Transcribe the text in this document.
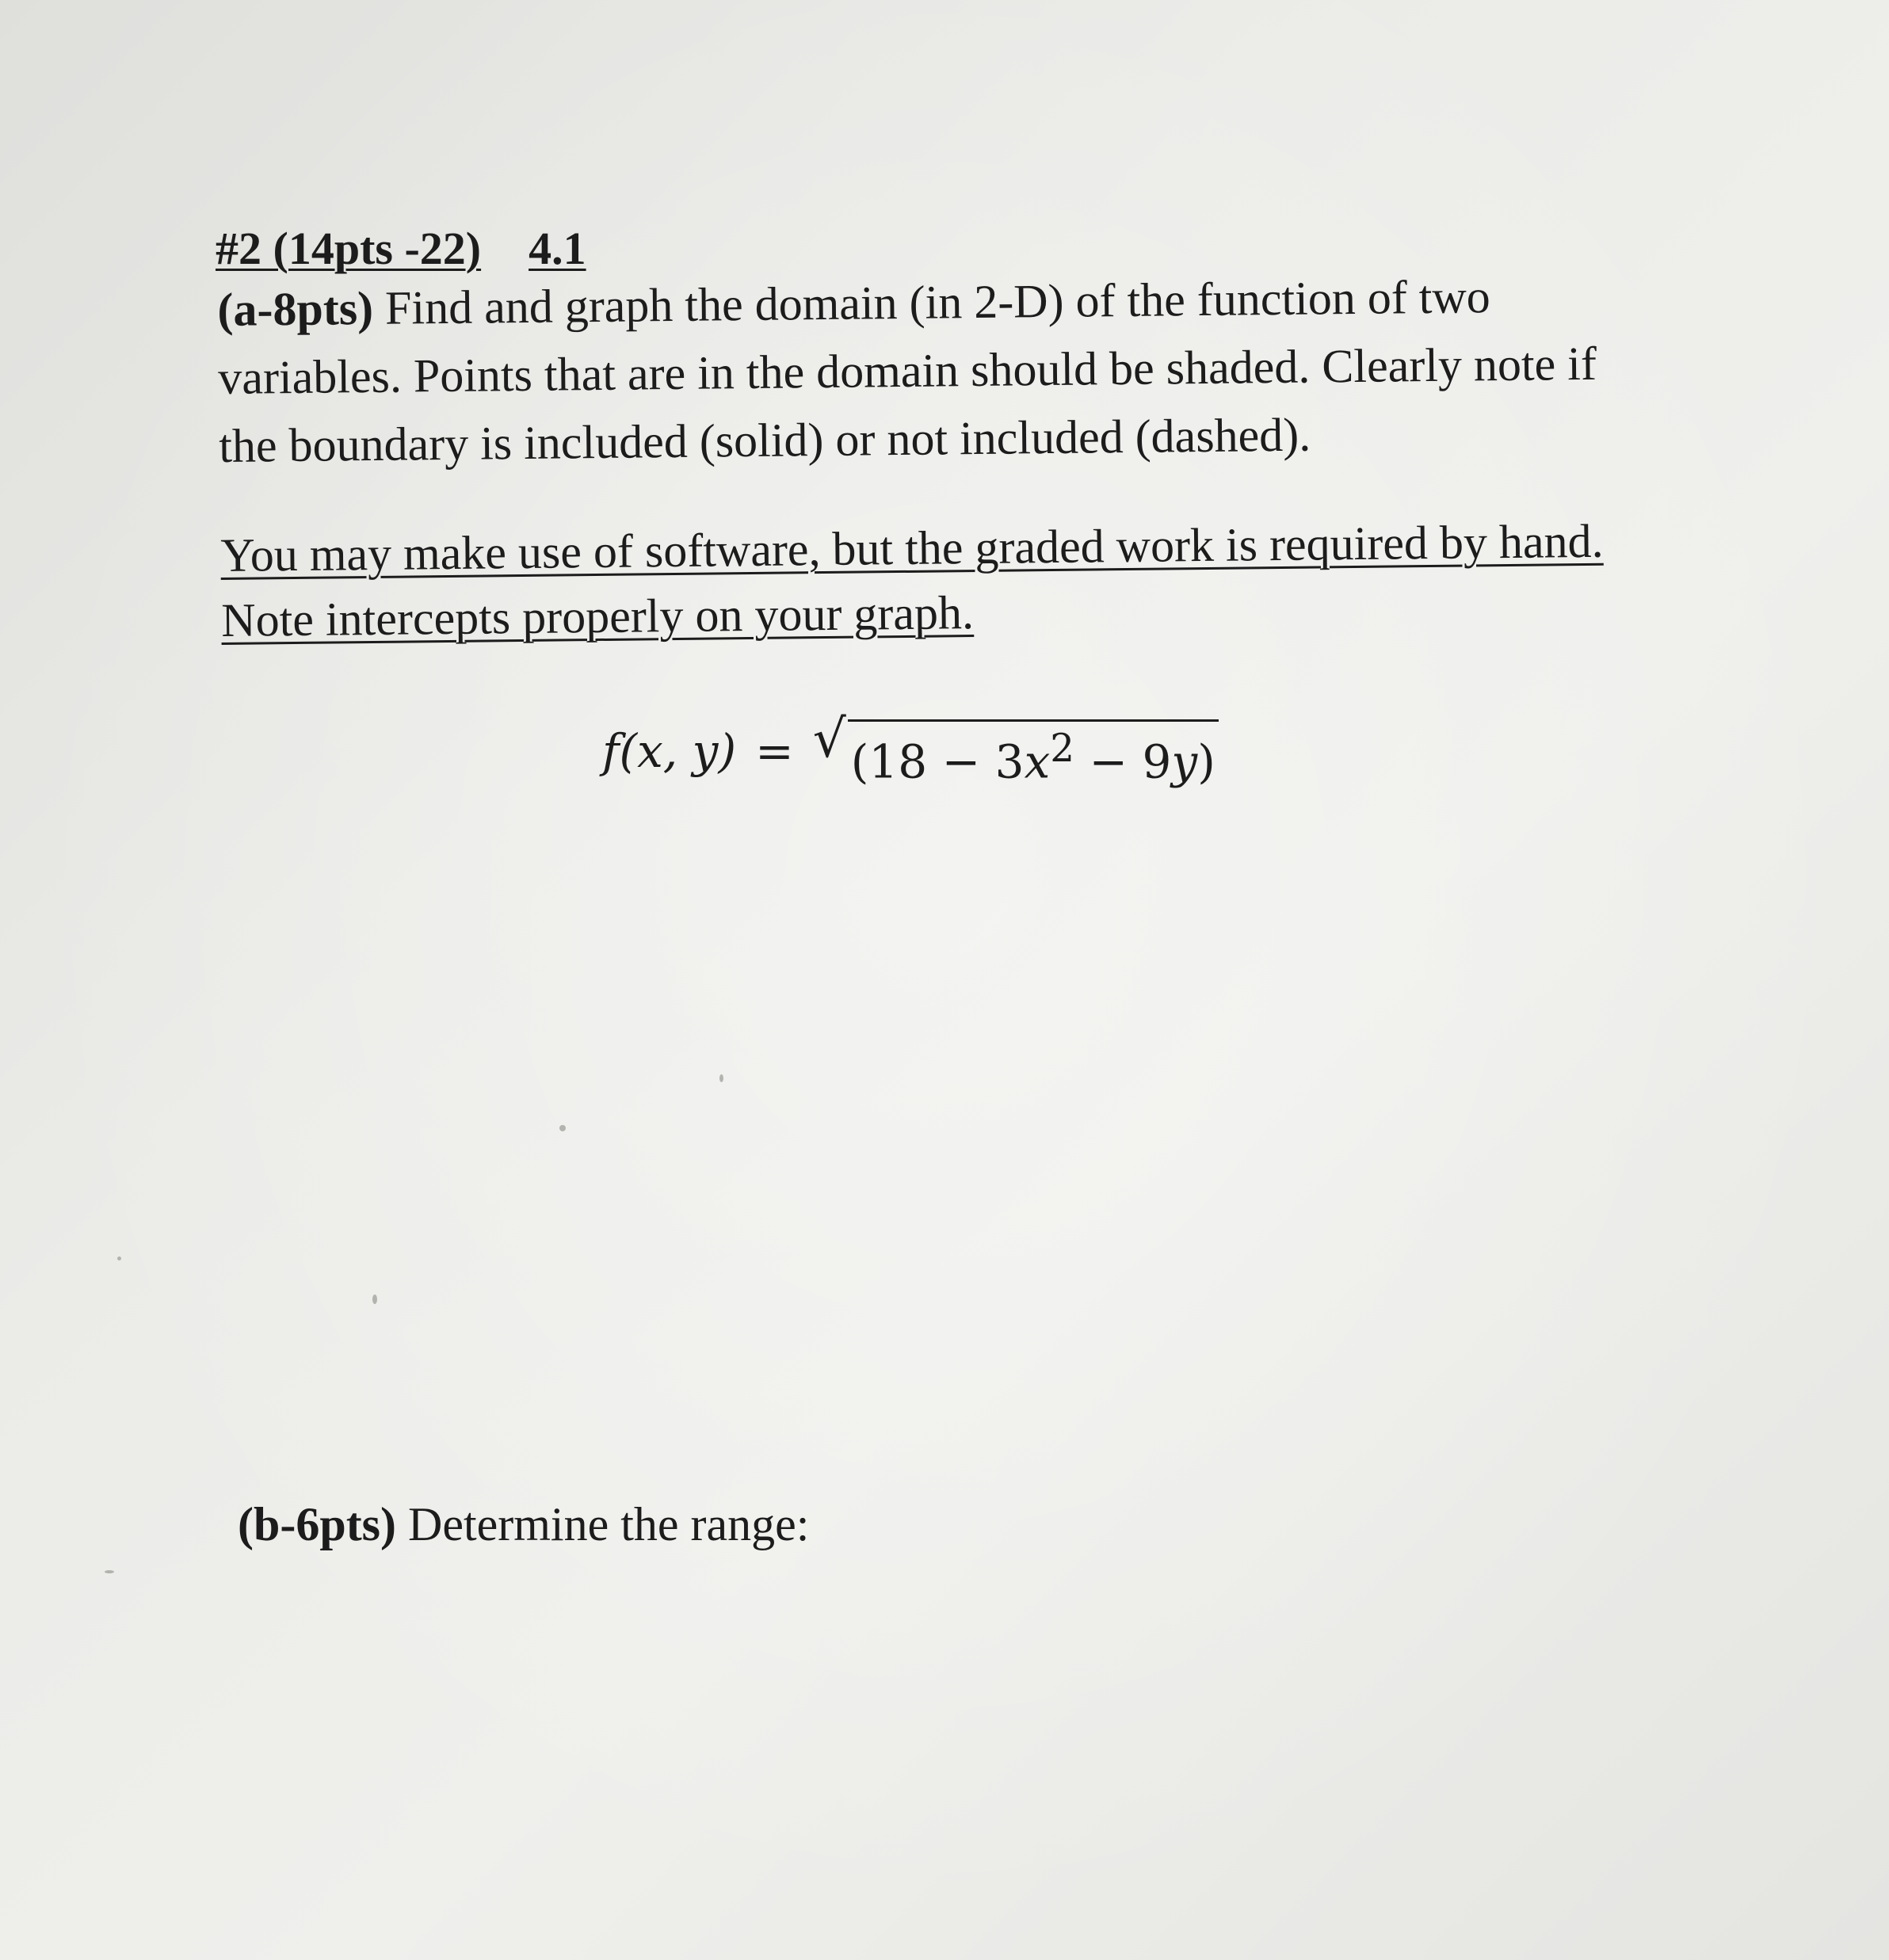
#2 (14pts -22) 4.1
(a-8pts) Find and graph the domain (in 2-D) of the function of two variables. Points that are in the domain should be shaded. Clearly note if the boundary is included (solid) or not included (dashed).
You may make use of software, but the graded work is required by hand. Note intercepts properly on your graph.
f(x, y) = √ $(18 - 3x^2 - 9y)$
(b-6pts) Determine the range:
